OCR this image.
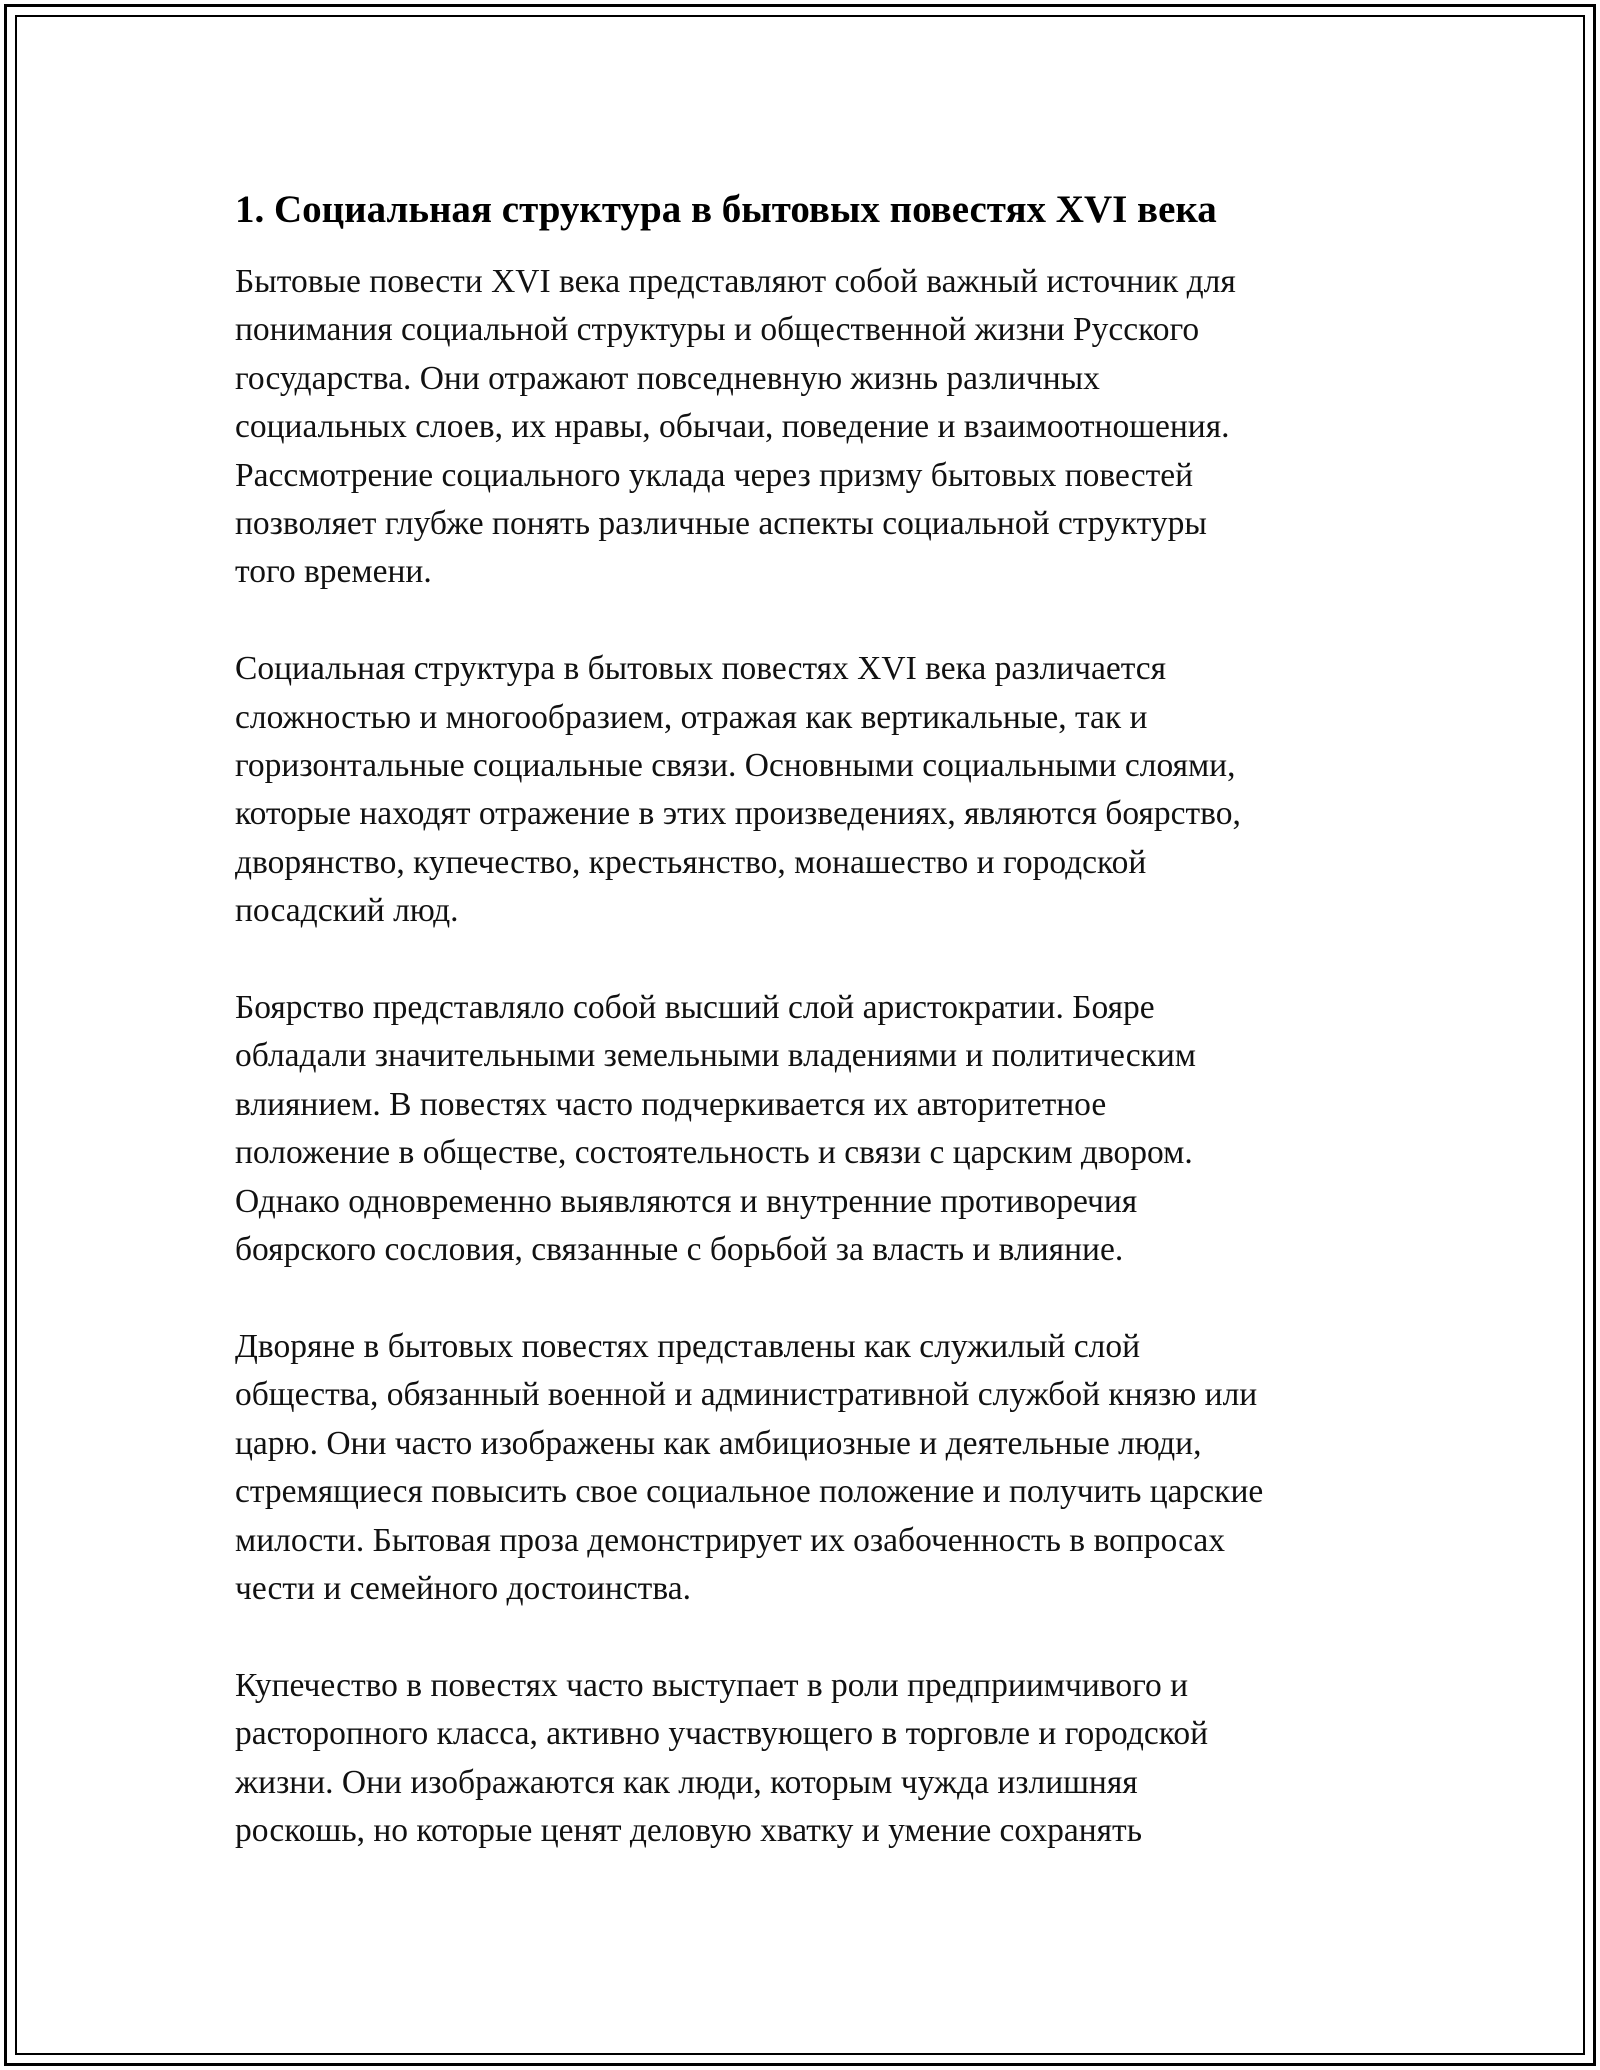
1. Социальная структура в бытовых повестях XVI века

Бытовые повести XVI века представляют собой важный источник для
понимания социальной структуры и общественной жизни Русского
государства. Они отражают повседневную жизнь различных
социальных слоев, их нравы, обычаи, поведение и взаимоотношения.
Рассмотрение социального уклада через призму бытовых повестей
позволяет глубже понять различные аспекты социальной структуры
того времени.

Социальная структура в бытовых повестях XVI века различается
сложностью и многообразием, отражая как вертикальные, так и
горизонтальные социальные связи. Основными социальными слоями,
которые находят отражение в этих произведениях, являются боярство,
дворянство, купечество, крестьянство, монашество и городской
посадский люд.

Боярство представляло собой высший слой аристократии. Бояре
обладали значительными земельными владениями и политическим
влиянием. В повестях часто подчеркивается их авторитетное
положение в обществе, состоятельность и связи с царским двором.
Однако одновременно выявляются и внутренние противоречия
боярского сословия, связанные с борьбой за власть и влияние.

Дворяне в бытовых повестях представлены как служилый слой
общества, обязанный военной и административной службой князю или
царю. Они часто изображены как амбициозные и деятельные люди,
стремящиеся повысить свое социальное положение и получить царские
милости. Бытовая проза демонстрирует их озабоченность в вопросах
чести и семейного достоинства.

Купечество в повестях часто выступает в роли предприимчивого и
расторопного класса, активно участвующего в торговле и городской
жизни. Они изображаются как люди, которым чужда излишняя
роскошь, но которые ценят деловую хватку и умение сохранять
